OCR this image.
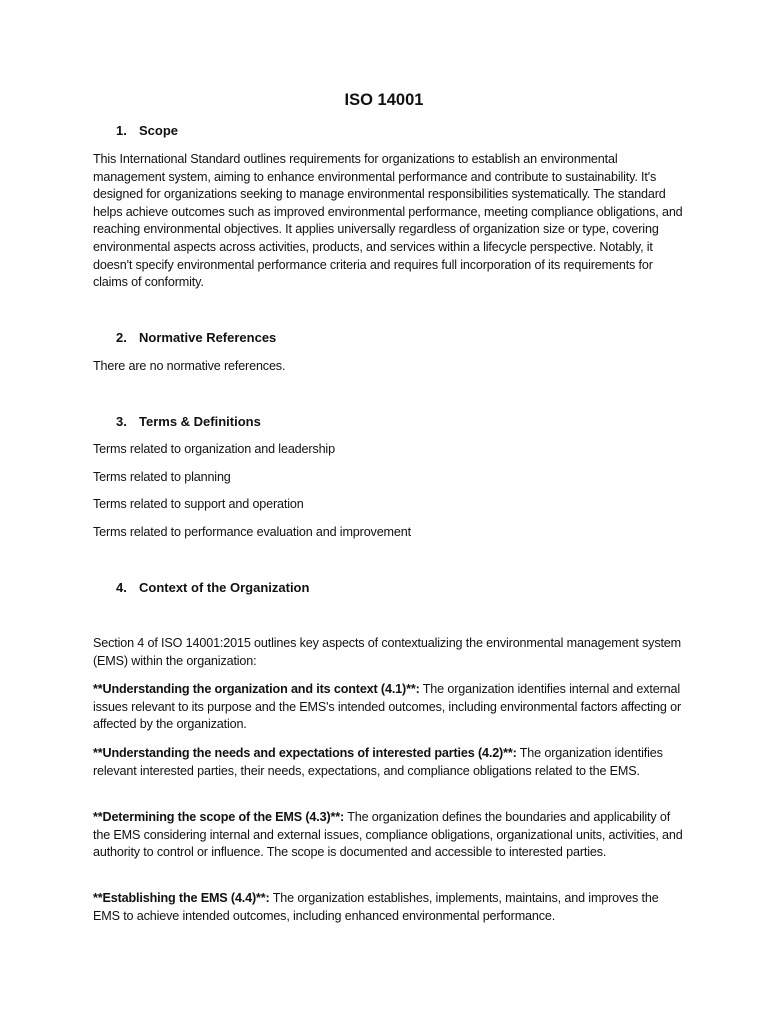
ISO 14001
1. Scope
This International Standard outlines requirements for organizations to establish an environmental management system, aiming to enhance environmental performance and contribute to sustainability. It's designed for organizations seeking to manage environmental responsibilities systematically. The standard helps achieve outcomes such as improved environmental performance, meeting compliance obligations, and reaching environmental objectives. It applies universally regardless of organization size or type, covering environmental aspects across activities, products, and services within a lifecycle perspective. Notably, it doesn't specify environmental performance criteria and requires full incorporation of its requirements for claims of conformity.
2. Normative References
There are no normative references.
3. Terms & Definitions
Terms related to organization and leadership
Terms related to planning
Terms related to support and operation
Terms related to performance evaluation and improvement
4. Context of the Organization
Section 4 of ISO 14001:2015 outlines key aspects of contextualizing the environmental management system (EMS) within the organization:
**Understanding the organization and its context (4.1)**: The organization identifies internal and external issues relevant to its purpose and the EMS's intended outcomes, including environmental factors affecting or affected by the organization.
**Understanding the needs and expectations of interested parties (4.2)**: The organization identifies relevant interested parties, their needs, expectations, and compliance obligations related to the EMS.
**Determining the scope of the EMS (4.3)**: The organization defines the boundaries and applicability of the EMS considering internal and external issues, compliance obligations, organizational units, activities, and authority to control or influence. The scope is documented and accessible to interested parties.
**Establishing the EMS (4.4)**: The organization establishes, implements, maintains, and improves the EMS to achieve intended outcomes, including enhanced environmental performance.
